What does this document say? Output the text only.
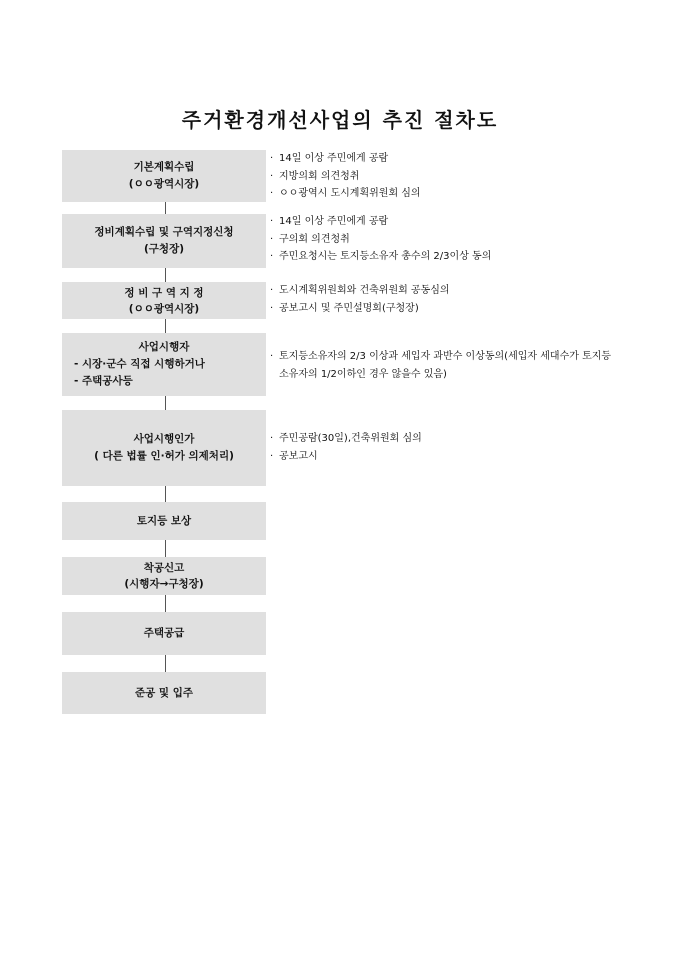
주거환경개선사업의 추진 절차도
기본계획수립
(ㅇㅇ광역시장)
· 14일 이상 주민에게 공람
· 지방의회 의견청취
· ㅇㅇ광역시 도시계획위원회 심의
정비계획수립 및 구역지정신청
(구청장)
· 14일 이상 주민에게 공람
· 구의회 의견청취
· 주민요청시는 토지등소유자 총수의 2/3이상 동의
정 비 구 역 지 정
(ㅇㅇ광역시장)
· 도시계획위원회와 건축위원회 공동심의
· 공보고시 및 주민설명회(구청장)
사업시행자
- 시장·군수 직접 시행하거나
- 주택공사등
· 토지등소유자의 2/3 이상과 세입자 과반수 이상동의(세입자 세대수가 토지등소유자의 1/2이하인 경우 않을수 있음)
사업시행인가
( 다른 법률 인·허가 의제처리)
· 주민공람(30일),건축위원회 심의
· 공보고시
토지등 보상
착공신고
(시행자→구청장)
주택공급
준공 및 입주
